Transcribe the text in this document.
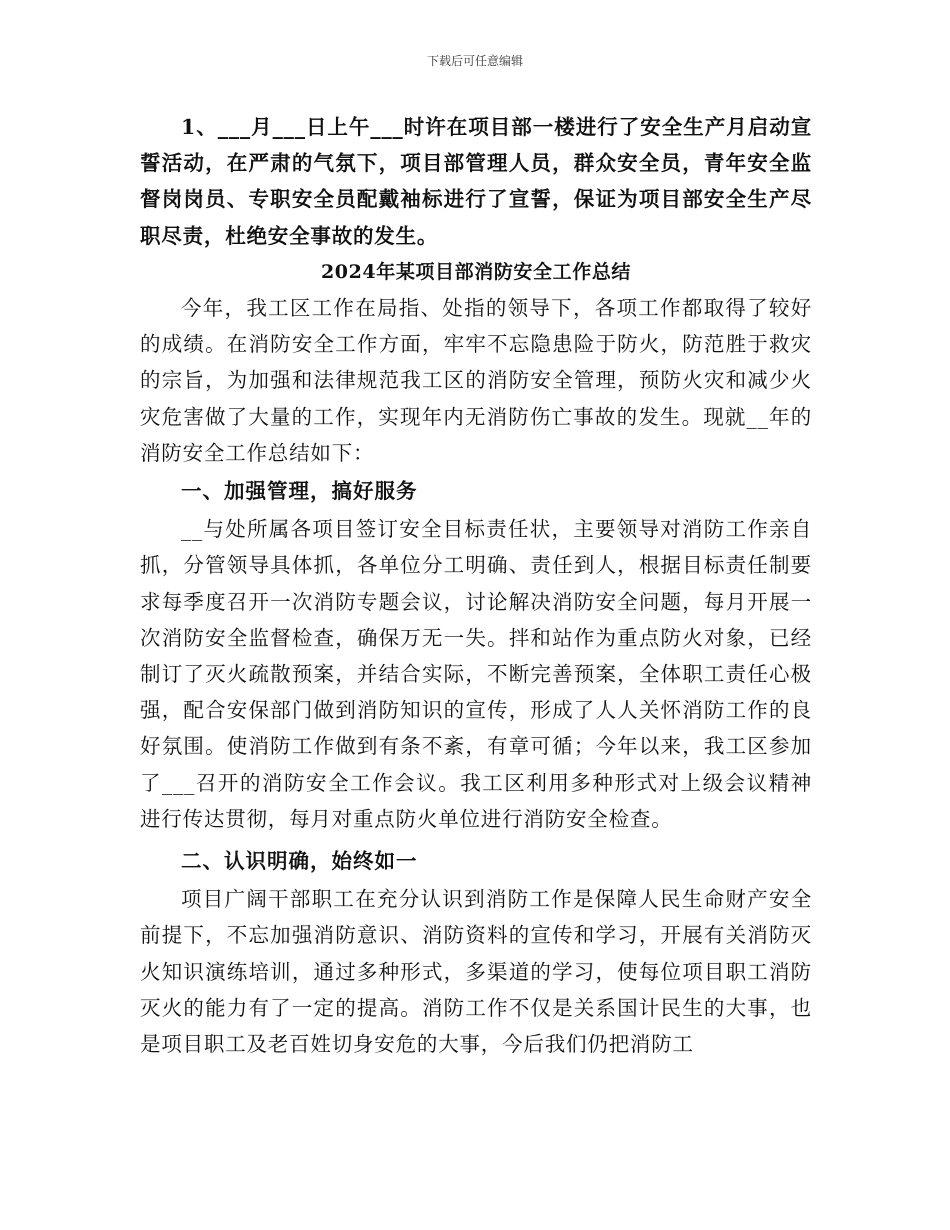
下载后可任意编辑

1、___月___日上午___时许在项目部一楼进行了安全生产月启动宣誓活动，在严肃的气氛下，项目部管理人员，群众安全员，青年安全监督岗岗员、专职安全员配戴袖标进行了宣誓，保证为项目部安全生产尽职尽责，杜绝安全事故的发生。

2024年某项目部消防安全工作总结

今年，我工区工作在局指、处指的领导下，各项工作都取得了较好的成绩。在消防安全工作方面，牢牢不忘隐患险于防火，防范胜于救灾的宗旨，为加强和法律规范我工区的消防安全管理，预防火灾和减少火灾危害做了大量的工作，实现年内无消防伤亡事故的发生。现就__年的消防安全工作总结如下：

一、加强管理，搞好服务

__与处所属各项目签订安全目标责任状，主要领导对消防工作亲自抓，分管领导具体抓，各单位分工明确、责任到人，根据目标责任制要求每季度召开一次消防专题会议，讨论解决消防安全问题，每月开展一次消防安全监督检查，确保万无一失。拌和站作为重点防火对象，已经制订了灭火疏散预案，并结合实际，不断完善预案，全体职工责任心极强，配合安保部门做到消防知识的宣传，形成了人人关怀消防工作的良好氛围。使消防工作做到有条不紊，有章可循；今年以来，我工区参加了___召开的消防安全工作会议。我工区利用多种形式对上级会议精神进行传达贯彻，每月对重点防火单位进行消防安全检查。

二、认识明确，始终如一

项目广阔干部职工在充分认识到消防工作是保障人民生命财产安全前提下，不忘加强消防意识、消防资料的宣传和学习，开展有关消防灭火知识演练培训，通过多种形式，多渠道的学习，使每位项目职工消防灭火的能力有了一定的提高。消防工作不仅是关系国计民生的大事，也是项目职工及老百姓切身安危的大事，今后我们仍把消防工
